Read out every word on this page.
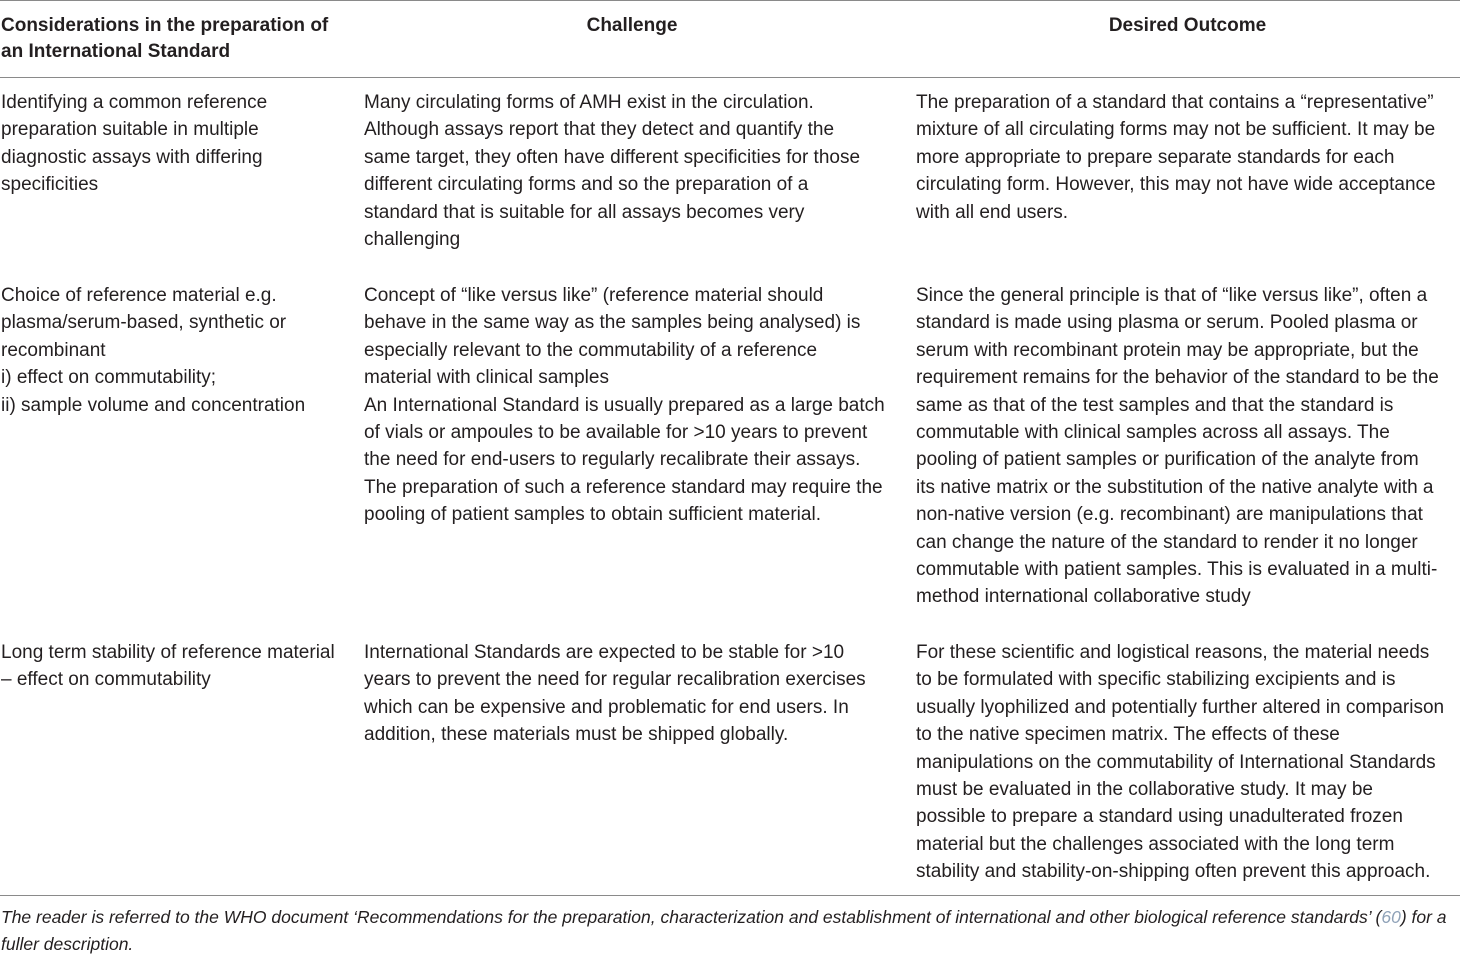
Considerations in the preparation of
an International Standard
Challenge	Desired Outcome
Identifying a common reference
preparation suitable in multiple
diagnostic assays with differing
specificities
Many circulating forms of AMH exist in the circulation.
Although assays report that they detect and quantify the
same target, they often have different specificities for those
different circulating forms and so the preparation of a
standard that is suitable for all assays becomes very
challenging
The preparation of a standard that contains a “representative”
mixture of all circulating forms may not be sufficient. It may be
more appropriate to prepare separate standards for each
circulating form. However, this may not have wide acceptance
with all end users.
Choice of reference material e.g.
plasma/serum-based, synthetic or
recombinant
i) effect on commutability;
ii) sample volume and concentration
Concept of “like versus like” (reference material should
behave in the same way as the samples being analysed) is
especially relevant to the commutability of a reference
material with clinical samples
An International Standard is usually prepared as a large batch
of vials or ampoules to be available for >10 years to prevent
the need for end-users to regularly recalibrate their assays.
The preparation of such a reference standard may require the
pooling of patient samples to obtain sufficient material.
Since the general principle is that of “like versus like”, often a
standard is made using plasma or serum. Pooled plasma or
serum with recombinant protein may be appropriate, but the
requirement remains for the behavior of the standard to be the
same as that of the test samples and that the standard is
commutable with clinical samples across all assays. The
pooling of patient samples or purification of the analyte from
its native matrix or the substitution of the native analyte with a
non-native version (e.g. recombinant) are manipulations that
can change the nature of the standard to render it no longer
commutable with patient samples. This is evaluated in a multi-
method international collaborative study
Long term stability of reference material
– effect on commutability
International Standards are expected to be stable for >10
years to prevent the need for regular recalibration exercises
which can be expensive and problematic for end users. In
addition, these materials must be shipped globally.
For these scientific and logistical reasons, the material needs
to be formulated with specific stabilizing excipients and is
usually lyophilized and potentially further altered in comparison
to the native specimen matrix. The effects of these
manipulations on the commutability of International Standards
must be evaluated in the collaborative study. It may be
possible to prepare a standard using unadulterated frozen
material but the challenges associated with the long term
stability and stability-on-shipping often prevent this approach.
The reader is referred to the WHO document ‘Recommendations for the preparation, characterization and establishment of international and other biological reference standards’ (60) for a
fuller description.
